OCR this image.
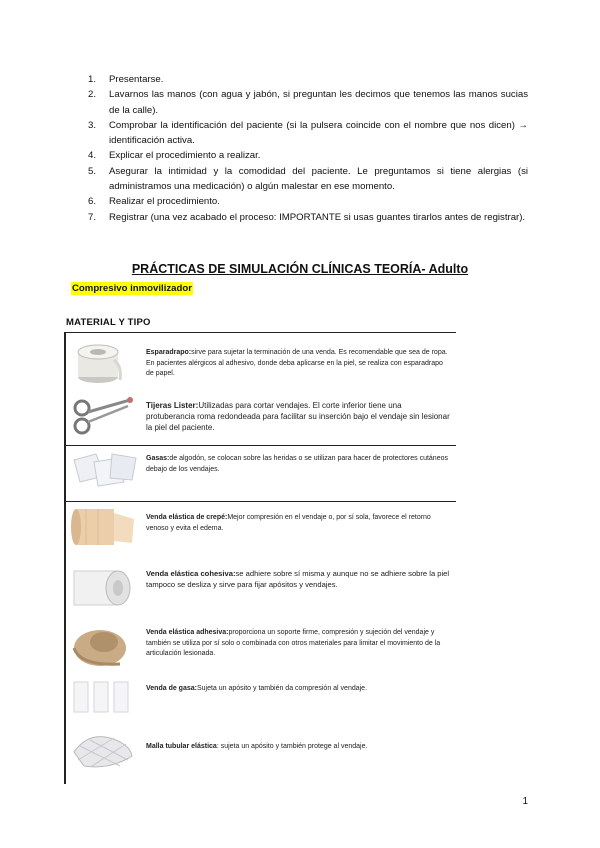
1.	Presentarse.
2.	Lavarnos las manos (con agua y jabón, si preguntan les decimos que tenemos las manos sucias de la calle).
3.	Comprobar la identificación del paciente (si la pulsera coincide con el nombre que nos dicen) → identificación activa.
4.	Explicar el procedimiento a realizar.
5.	Asegurar la intimidad y la comodidad del paciente. Le preguntamos si tiene alergias (si administramos una medicación) o algún malestar en ese momento.
6.	Realizar el procedimiento.
7.	Registrar (una vez acabado el proceso: IMPORTANTE si usas guantes tirarlos antes de registrar).
PRÁCTICAS DE SIMULACIÓN CLÍNICAS TEORÍA- Adulto
Compresivo inmovilizador
MATERIAL Y TIPO
Esparadrapo:sirve para sujetar la terminación de una venda. Es recomendable que sea de ropa. En pacientes alérgicos al adhesivo, donde deba aplicarse en la piel, se realiza con esparadrapo de papel.
Tijeras Lister:Utilizadas para cortar vendajes. El corte inferior tiene una protuberancia roma redondeada para facilitar su inserción bajo el vendaje sin lesionar la piel del paciente.
Gasas:de algodón, se colocan sobre las heridas o se utilizan para hacer de protectores cutáneos debajo de los vendajes.
Venda elástica de crepé:Mejor compresión en el vendaje o, por sí sola, favorece el retorno venoso y evita el edema.
Venda elástica cohesiva:se adhiere sobre sí misma y aunque no se adhiere sobre la piel tampoco se desliza y sirve para fijar apósitos y vendajes.
Venda elástica adhesiva:proporciona un soporte firme, compresión y sujeción del vendaje y también se utiliza por sí solo o combinada con otros materiales para limitar el movimiento de la articulación lesionada.
Venda de gasa:Sujeta un apósito y también da compresión al vendaje.
Malla tubular elástica: sujeta un apósito y también protege al vendaje.
1
